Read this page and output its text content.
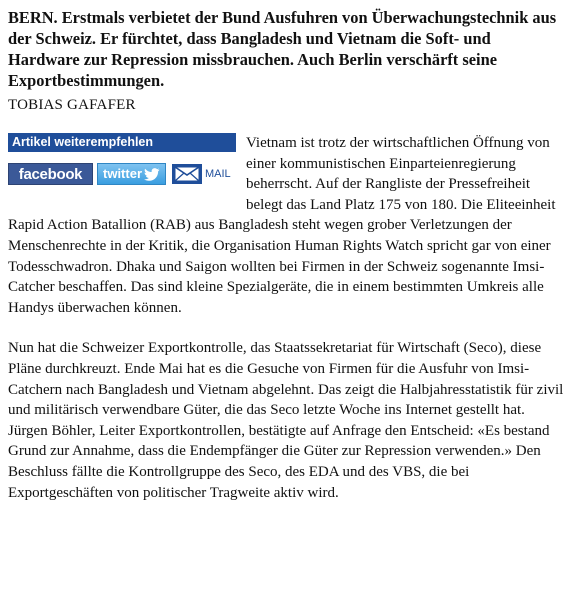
BERN. Erstmals verbietet der Bund Ausfuhren von Überwachungstechnik aus der Schweiz. Er fürchtet, dass Bangladesh und Vietnam die Soft- und Hardware zur Repression missbrauchen. Auch Berlin verschärft seine Exportbestimmungen.

TOBIAS GAFAFER

Artikel weiterempfehlen
facebook	twitter	MAIL

Vietnam ist trotz der wirtschaftlichen Öffnung von einer kommunistischen Einparteienregierung beherrscht. Auf der Rangliste der Pressefreiheit belegt das Land Platz 175 von 180. Die Eliteeinheit Rapid Action Batallion (RAB) aus Bangladesh steht wegen grober Verletzungen der Menschenrechte in der Kritik, die Organisation Human Rights Watch spricht gar von einer Todesschwadron. Dhaka und Saigon wollten bei Firmen in der Schweiz sogenannte Imsi-Catcher beschaffen. Das sind kleine Spezialgeräte, die in einem bestimmten Umkreis alle Handys überwachen können.

Nun hat die Schweizer Exportkontrolle, das Staatssekretariat für Wirtschaft (Seco), diese Pläne durchkreuzt. Ende Mai hat es die Gesuche von Firmen für die Ausfuhr von Imsi-Catchern nach Bangladesh und Vietnam abgelehnt. Das zeigt die Halbjahresstatistik für zivil und militärisch verwendbare Güter, die das Seco letzte Woche ins Internet gestellt hat. Jürgen Böhler, Leiter Exportkontrollen, bestätigte auf Anfrage den Entscheid: «Es bestand Grund zur Annahme, dass die Endempfänger die Güter zur Repression verwenden.» Den Beschluss fällte die Kontrollgruppe des Seco, des EDA und des VBS, die bei Exportgeschäften von politischer Tragweite aktiv wird.
